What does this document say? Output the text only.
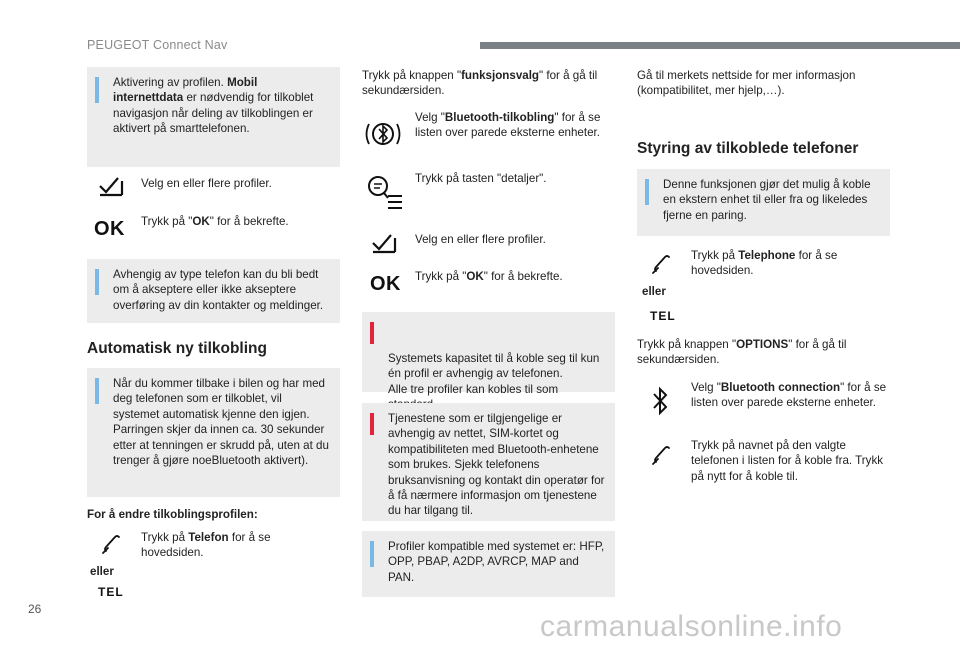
PEUGEOT Connect Nav
Aktivering av profilen. Mobil internettdata er nødvendig for tilkoblet navigasjon når deling av tilkoblingen er aktivert på smarttelefonen.
Velg en eller flere profiler.
OK Trykk på "OK" for å bekrefte.
Avhengig av type telefon kan du bli bedt om å akseptere eller ikke akseptere overføring av din kontakter og meldinger.
Automatisk ny tilkobling
Når du kommer tilbake i bilen og har med deg telefonen som er tilkoblet, vil systemet automatisk kjenne den igjen. Parringen skjer da innen ca. 30 sekunder etter at tenningen er skrudd på, uten at du trenger å gjøre noeBluetooth aktivert).
For å endre tilkoblingsprofilen:
Trykk på Telefon for å se hovedsiden.
eller
TEL
Trykk på knappen "funksjonsvalg" for å gå til sekundærsiden.
Velg "Bluetooth-tilkobling" for å se listen over parede eksterne enheter.
Trykk på tasten "detaljer".
Velg en eller flere profiler.
OK Trykk på "OK" for å bekrefte.

Systemets kapasitet til å koble seg til kun én profil er avhengig av telefonen.
Alle tre profiler kan kobles til som

Tjenestene som er tilgjengelige er avhengig av nettet, SIM-kortet og kompatibiliteten med Bluetooth-enhetene som brukes. Sjekk telefonens bruksanvisning og kontakt din operatør for å få nærmere informasjon om tjenestene du har tilgang til.
Profiler kompatible med systemet er: HFP, OPP, PBAP, A2DP, AVRCP, MAP and PAN.
Gå til merkets nettside for mer informasjon (kompatibilitet, mer hjelp,…).
Styring av tilkoblede telefoner
Denne funksjonen gjør det mulig å koble en ekstern enhet til eller fra og likeledes fjerne en paring.
Trykk på Telephone for å se hovedsiden.
eller
TEL
Trykk på knappen "OPTIONS" for å gå til sekundærsiden.
Velg "Bluetooth connection" for å se listen over parede eksterne enheter.
Trykk på navnet på den valgte telefonen i listen for å koble fra. Trykk på nytt for å koble til.
26
carmanualsonline.info
